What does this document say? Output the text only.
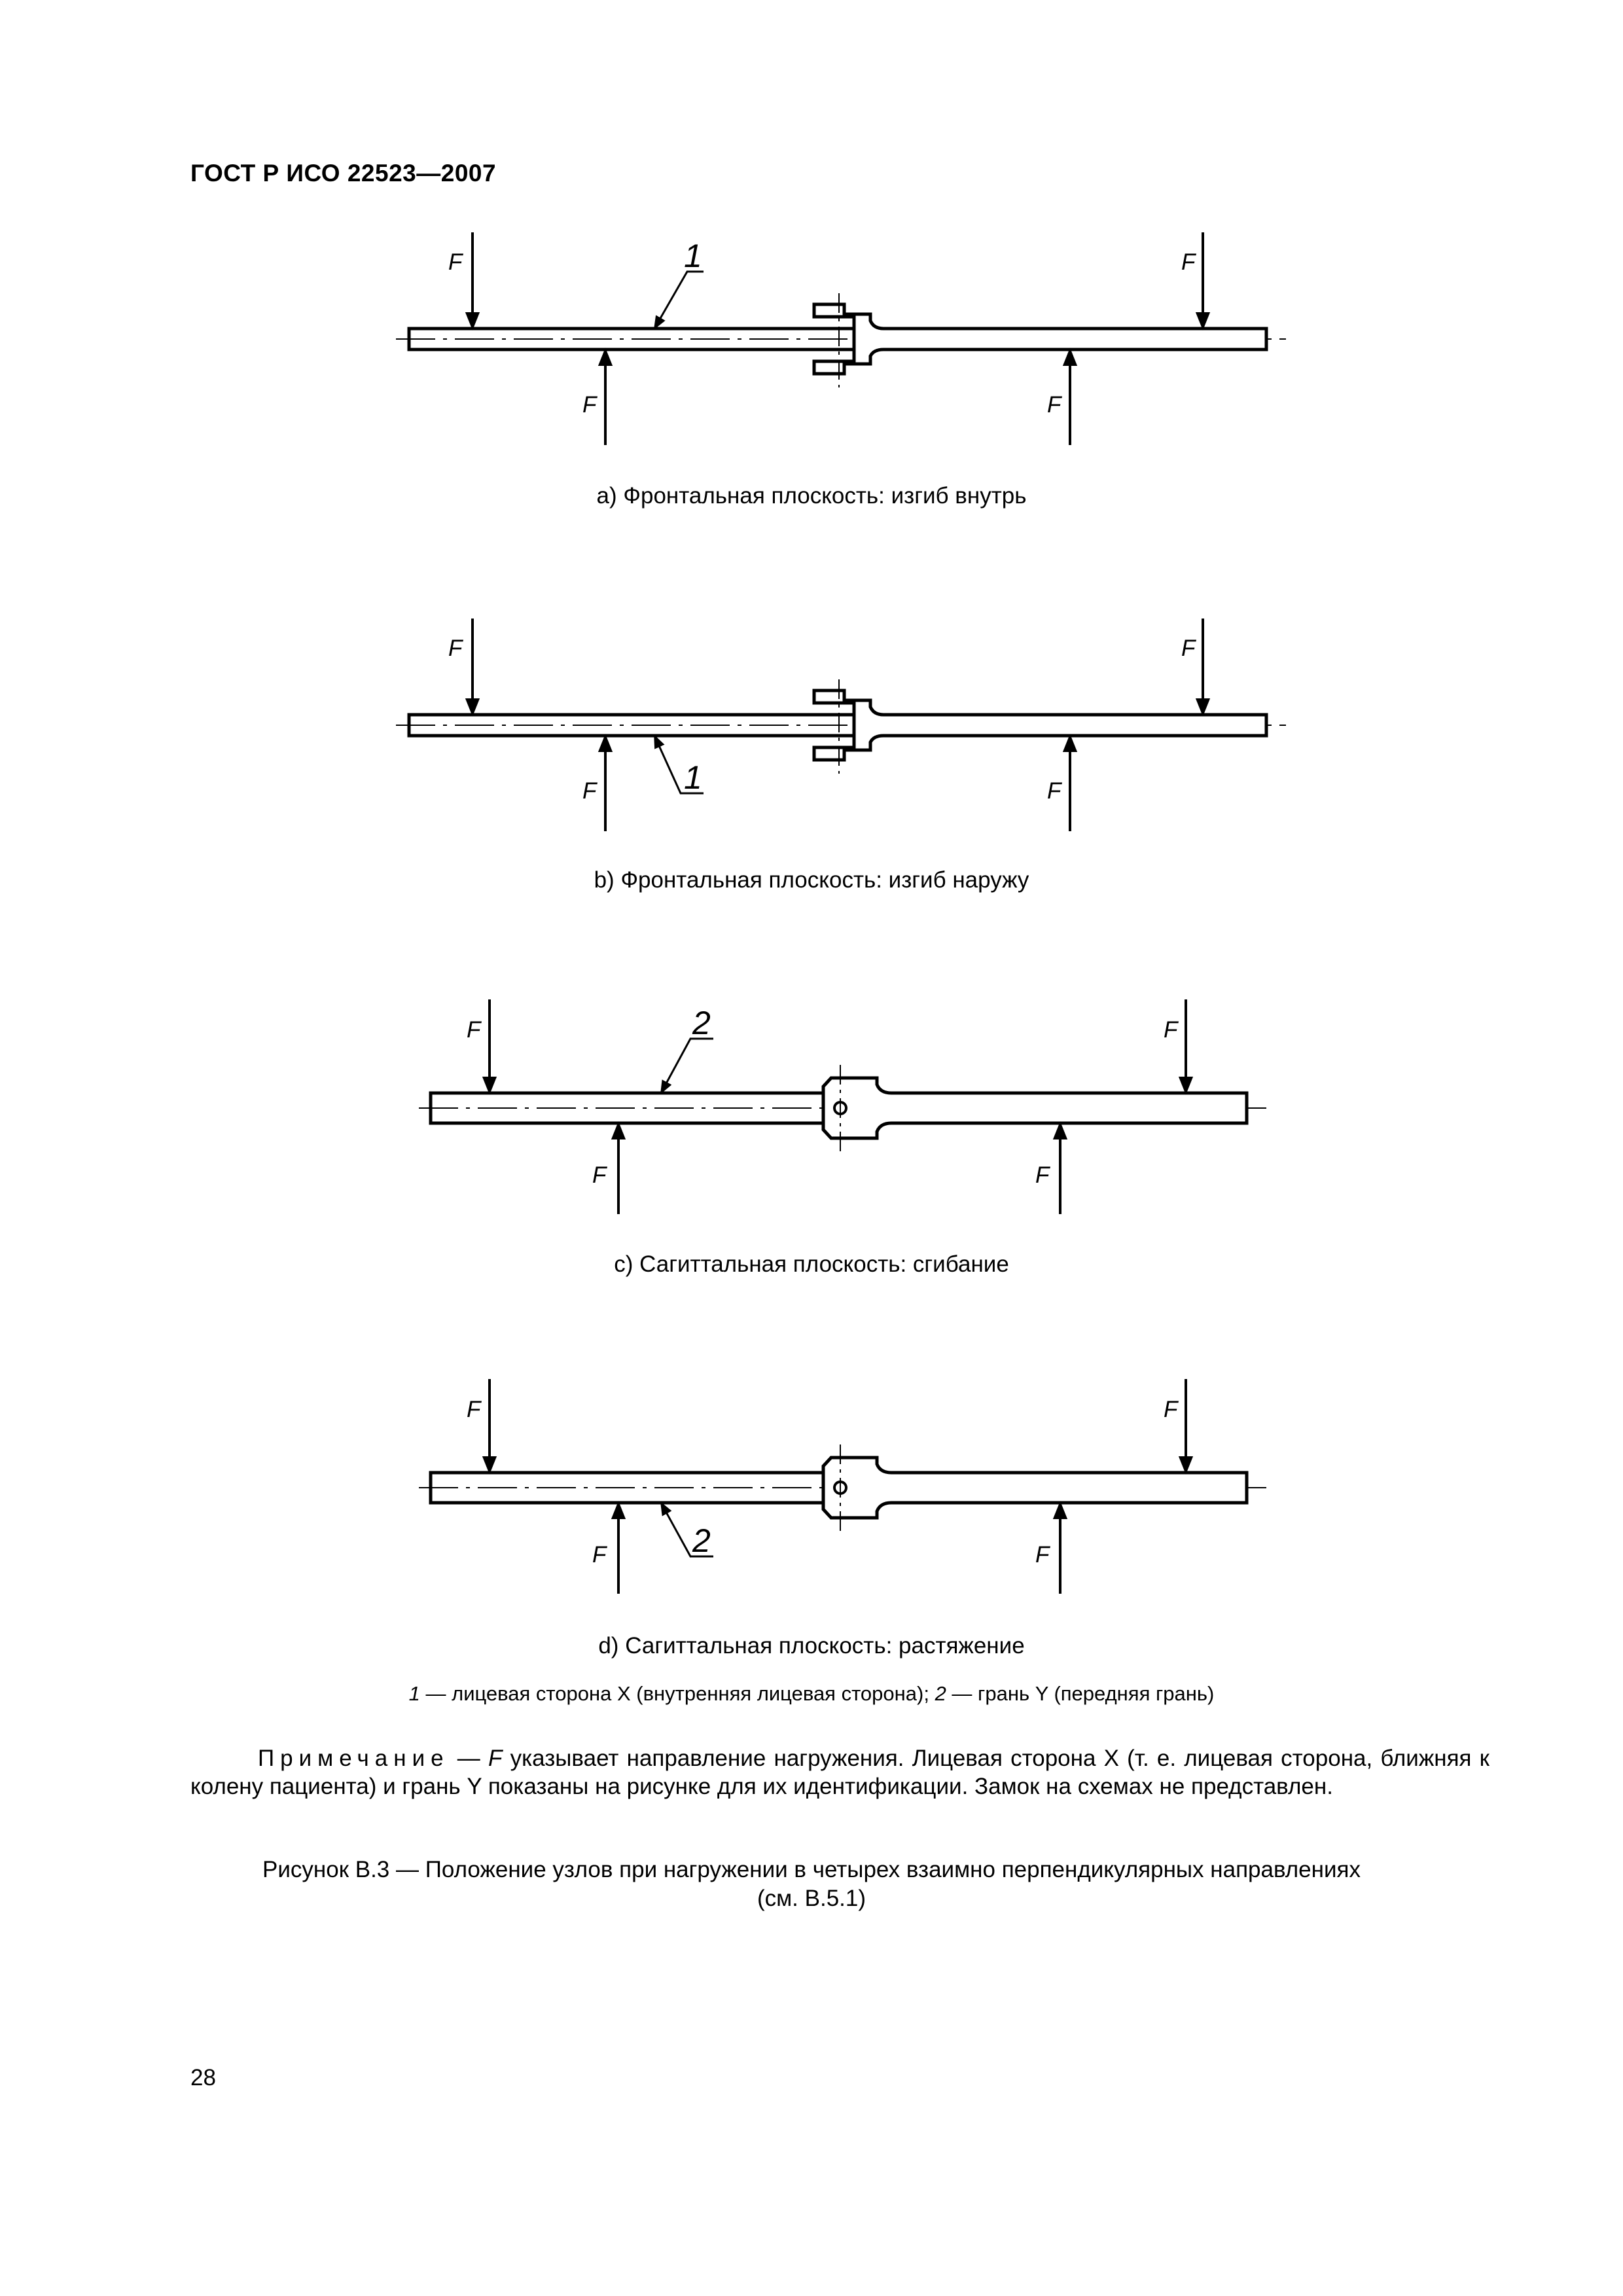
ГОСТ Р ИСО 22523—2007
F	F
F	F
1
a) Фронтальная плоскость: изгиб внутрь
F	F
F	F
1
b) Фронтальная плоскость: изгиб наружу
F	F
F	F
2
c) Сагиттальная плоскость: сгибание
F	F
F	F
2
d) Сагиттальная плоскость: растяжение
1 — лицевая сторона X (внутренняя лицевая сторона); 2 — грань Y (передняя грань)
Примечание — F указывает направление нагружения. Лицевая сторона X (т. е. лицевая сторона, ближняя к колену пациента) и грань Y показаны на рисунке для их идентификации. Замок на схемах не представлен.
Рисунок В.3 — Положение узлов при нагружении в четырех взаимно перпендикулярных направлениях
(см. В.5.1)
28
